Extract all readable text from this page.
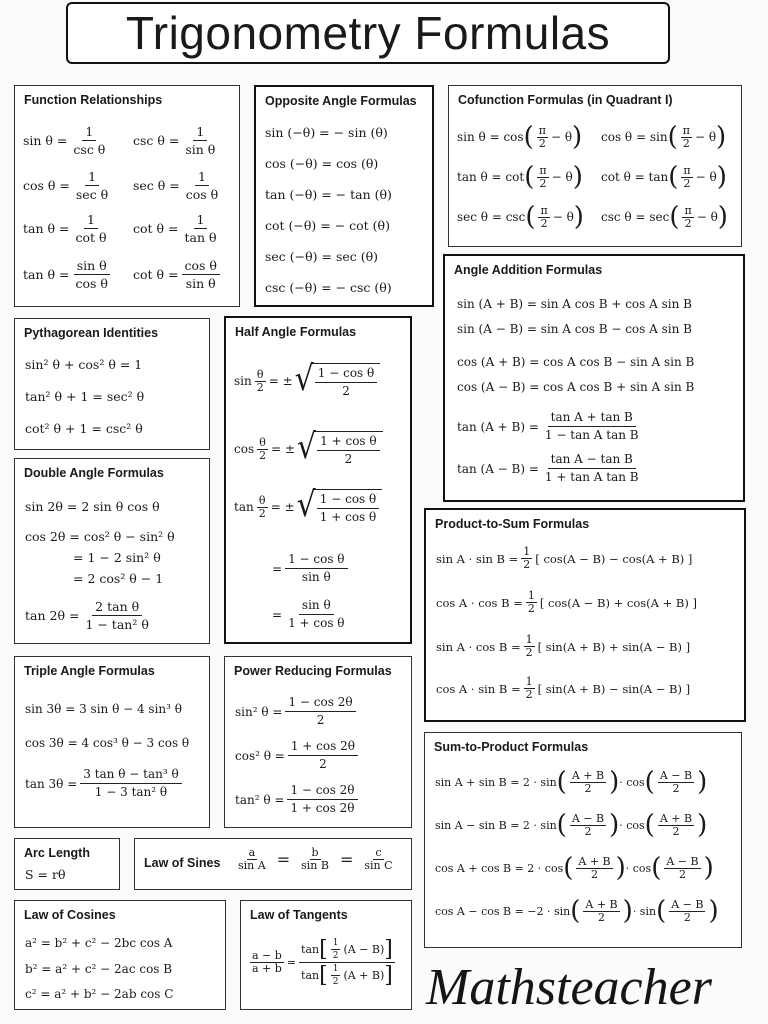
Trigonometry Formulas
Function Relationships
$\sin \theta = \frac{1}{\text{csc θ}}$ $\csc \theta = \frac{1}{\text{sin θ}}$
$\cos \theta = \frac{1}{\text{sec θ}}$ $\sec \theta = \frac{1}{\text{cos θ}}$
$\tan \theta = \frac{1}{\text{cot θ}}$ $\cot \theta = \frac{1}{\text{tan θ}}$
$\tan \theta = \frac{\text{sin θ}}{\text{cos θ}}$ $\cot \theta = \frac{\text{cos θ}}{\text{sin θ}}$
Opposite Angle Formulas
sin (−θ) = − sin (θ)
cos (−θ) = cos (θ)
tan (−θ) = − tan (θ)
cot (−θ) = − cot (θ)
sec (−θ) = sec (θ)
csc (−θ) = − csc (θ)
Cofunction Formulas (in Quadrant I)
sin θ = cos ( $\frac{\pi}{2} - \theta$ ) cos θ = sin ( $\frac{\pi}{2} - \theta$ )
tan θ = cot ( $\frac{\pi}{2} - \theta$ ) cot θ = tan ( $\frac{\pi}{2} - \theta$ )
sec θ = csc ( $\frac{\pi}{2} - \theta$ ) csc θ = sec ( $\frac{\pi}{2} - \theta$ )
Angle Addition Formulas
sin (A + B) = sin A cos B + cos A sin B
sin (A − B) = sin A cos B − cos A sin B
cos (A + B) = cos A cos B − sin A sin B
cos (A − B) = cos A cos B + sin A sin B
$\tan (A + B) = \frac{\text{tan A + tan B}}{\text{1 − tan A tan B}}$
$\tan (A - B) = \frac{\text{tan A − tan B}}{\text{1 + tan A tan B}}$
Pythagorean Identities
sin² θ + cos² θ = 1
tan² θ + 1 = sec² θ
cot² θ + 1 = csc² θ
Half Angle Formulas
$\sin \frac{\theta}{2}$ = ± √ $\frac{\text{1 − cos θ}}{2}$
$\cos \frac{\theta}{2}$ = ± √ $\frac{\text{1 + cos θ}}{2}$
$\tan \frac{\theta}{2}$ = ± √ $\frac{\text{1 − cos θ}}{\text{1 + cos θ}}$
= $\frac{\text{1 − cos θ}}{\text{sin θ}}$
= $\frac{\text{sin θ}}{\text{1 + cos θ}}$
Double Angle Formulas
sin 2θ = 2 sin θ cos θ
cos 2θ = cos² θ − sin² θ
= 1 − 2 sin² θ
= 2 cos² θ − 1
$\tan 2\theta = \frac{\text{2 tan θ}}{\text{1 − tan² θ}}$
Product-to-Sum Formulas
$\sin A \cdot \sin B = \frac{1}{2}$ [ cos(A − B) − cos(A + B) ]
$\cos A \cdot \cos B = \frac{1}{2}$ [ cos(A − B) + cos(A + B) ]
$\sin A \cdot \cos B = \frac{1}{2}$ [ sin(A + B) + sin(A − B) ]
$\cos A \cdot \sin B = \frac{1}{2}$ [ sin(A + B) − sin(A − B) ]
Triple Angle Formulas
sin 3θ = 3 sin θ − 4 sin³ θ
cos 3θ = 4 cos³ θ − 3 cos θ
$\tan 3\theta = \frac{\text{3 tan θ − tan³ θ}}{\text{1 − 3 tan² θ}}$
Power Reducing Formulas
sin² $\theta = \frac{1 - \cos 2\theta}{2}$
cos² $\theta = \frac{1 + \cos 2\theta}{2}$
tan² $\theta = \frac{1 - \cos 2\theta}{1 + \cos 2\theta}$
Sum-to-Product Formulas
sin A + sin B = 2 · sin ( $\frac{A + B}{2}$ ) · cos ( $\frac{A - B}{2}$ )
sin A − sin B = 2 · sin ( $\frac{A - B}{2}$ ) · cos ( $\frac{A + B}{2}$ )
cos A + cos B = 2 · cos ( $\frac{A + B}{2}$ ) · cos ( $\frac{A - B}{2}$ )
cos A − cos B = −2 · sin ( $\frac{A + B}{2}$ ) · sin ( $\frac{A - B}{2}$ )
Arc Length
S = rθ
Law of Sines $\frac{a}{\text{sin A}} = \frac{b}{\text{sin B}} = \frac{c}{\text{sin C}}$
Law of Cosines
a² = b² + c² − 2bc cos A
b² = a² + c² − 2ac cos B
c² = a² + b² − 2ab cos C
Law of Tangents
$\frac{a - b}{a + b} = \frac{\tan [ \frac{1}{2} (A - B) ]}{\tan [ \frac{1}{2} (A + B) ]}$ Mathsteacher
